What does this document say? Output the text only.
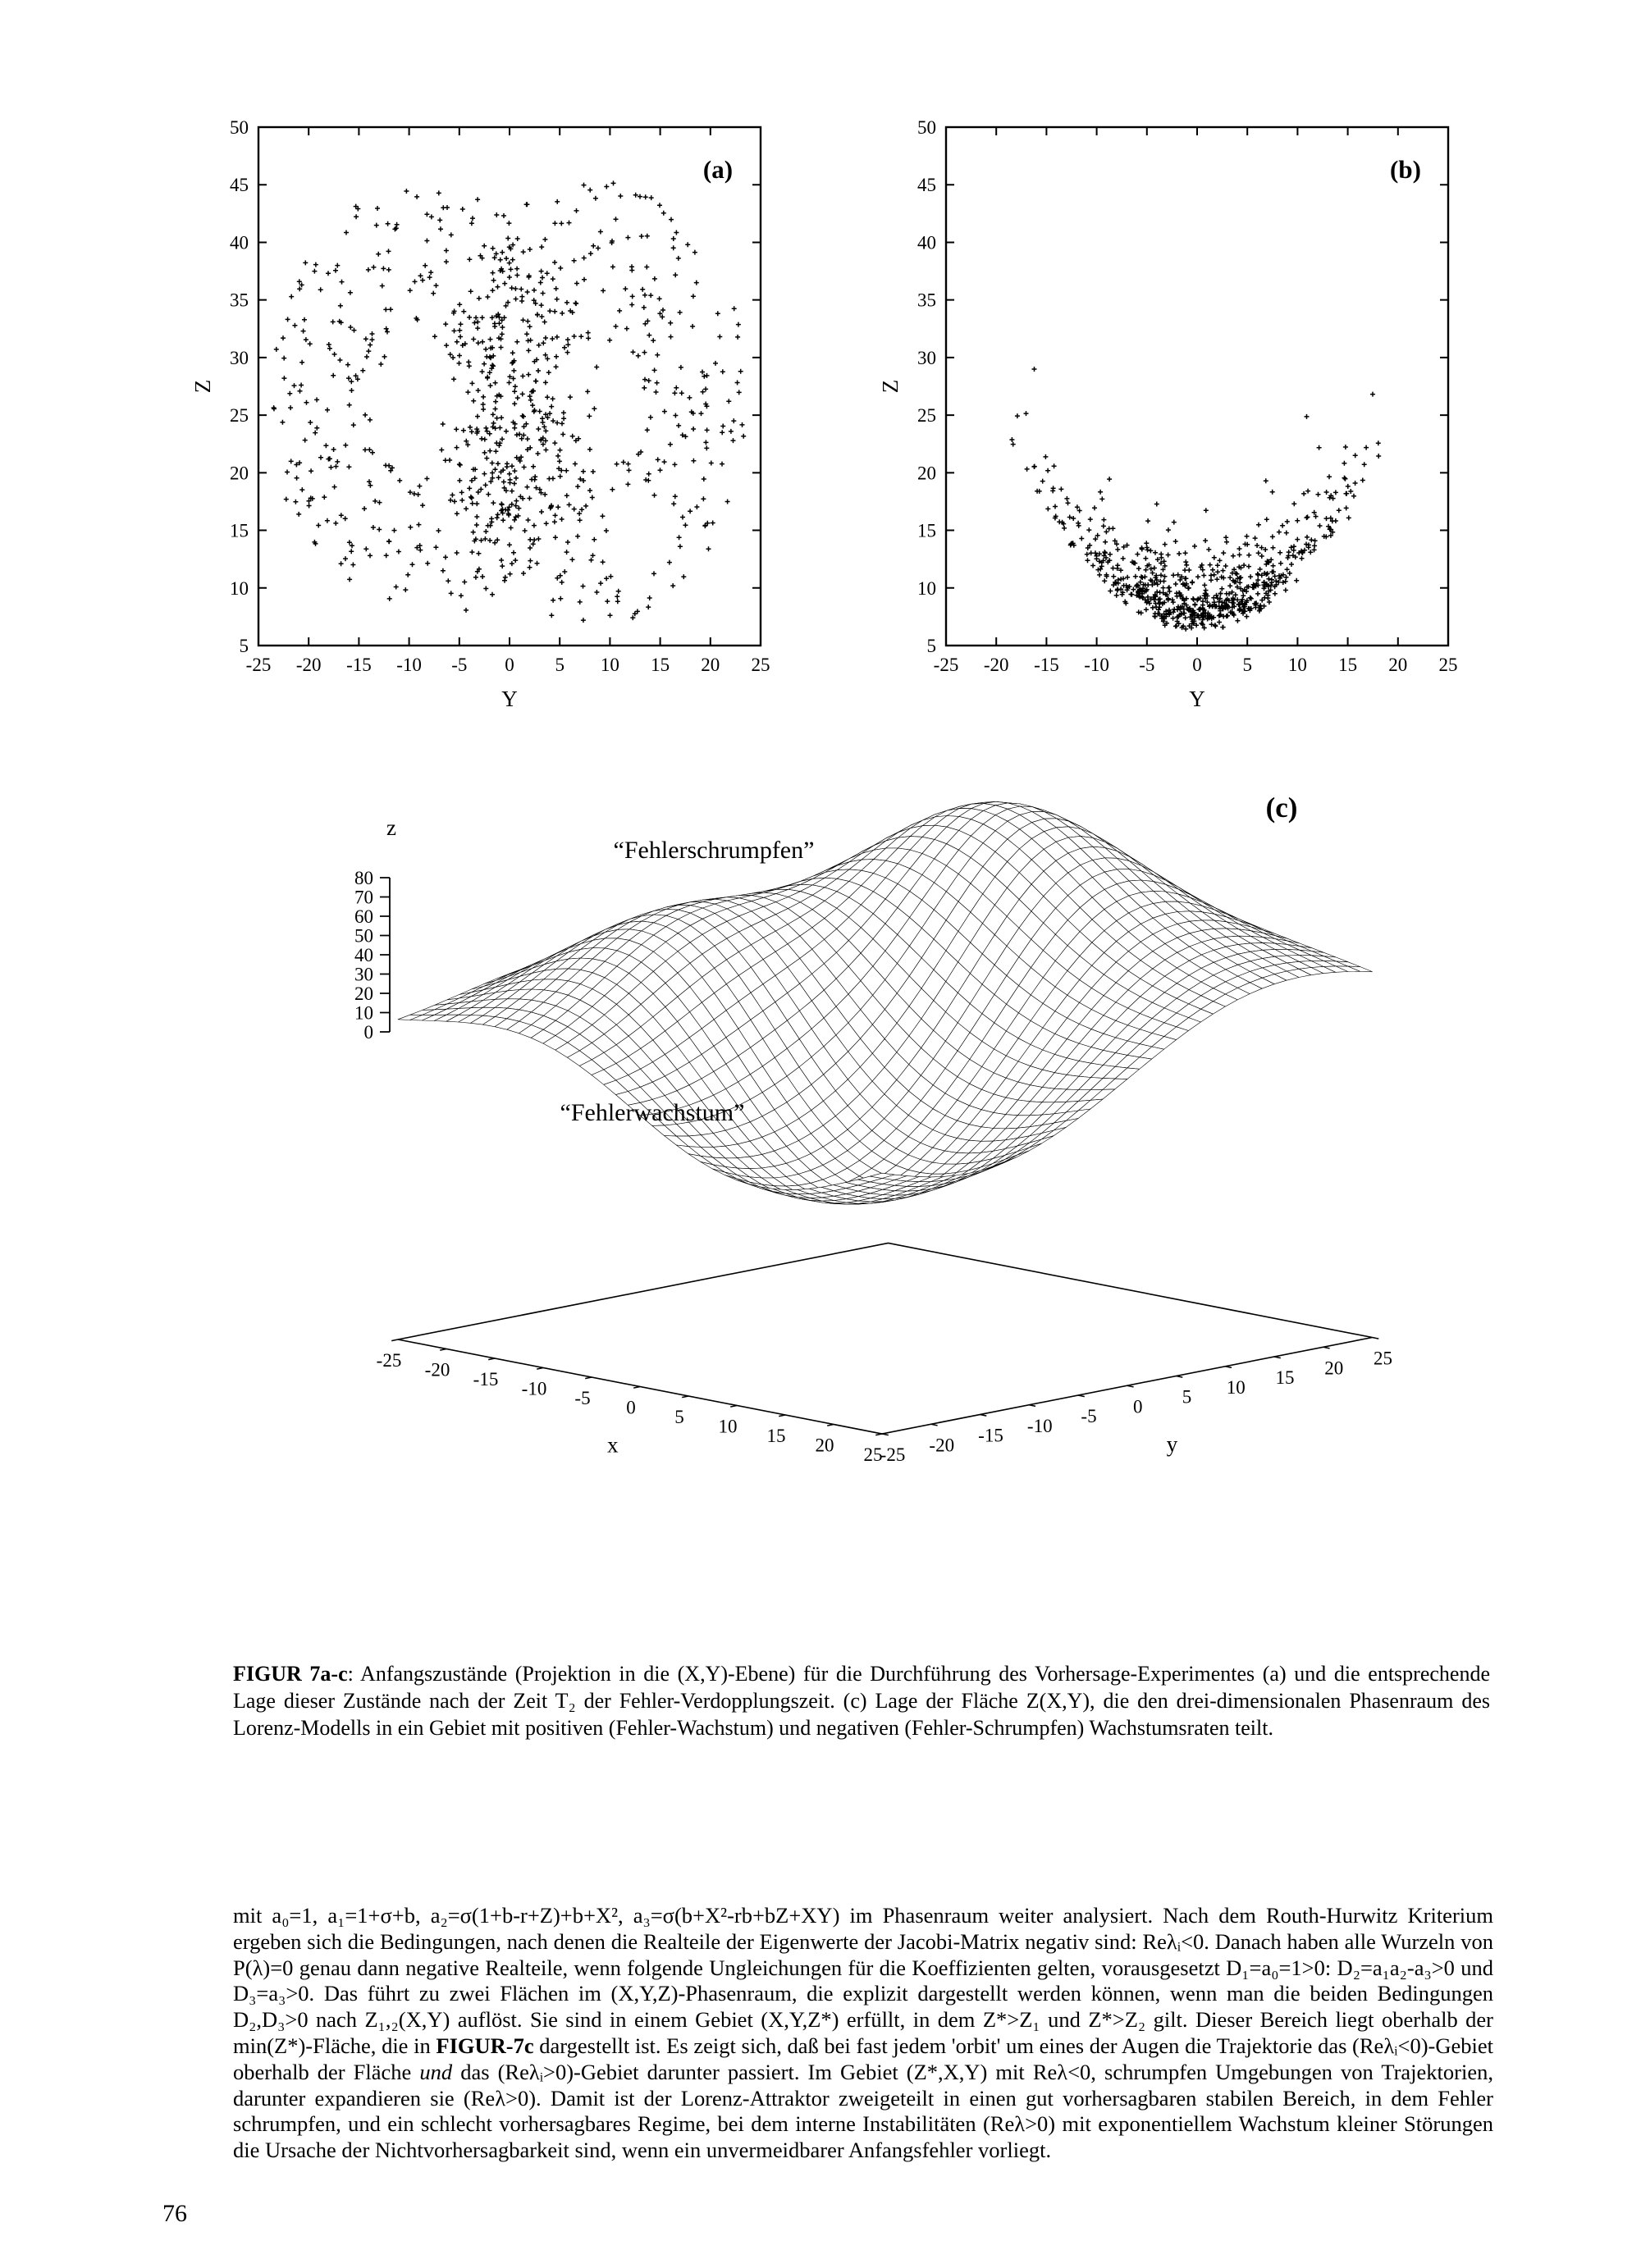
-25 -20 -15 -10 -5 0 5 10 15 20 25
5
10
15
20
25
30
35
40
45
50
Y
Z
(a)
-25 -20 -15 -10 -5 0 5 10 15 20 25
5
10
15
20
25
30
35
40
45
50
Y
Z
(b)
-25 -20 -15 -10 -5 0 5 10 15 20 25
-25 -20 -15 -10 -5 0 5 10 15 20 25
x	y
0
10
20
30
40
50
60
70
80
z
“Fehlerschrumpfen”
“Fehlerwachstum”
(c)

FIGUR 7a-c: Anfangszustände (Projektion in die (X,Y)-Ebene) für die Durchführung des Vorhersage-Experimentes (a) und die entsprechende Lage dieser Zustände nach der Zeit T₂ der Fehler-Verdopplungszeit. (c) Lage der Fläche Z(X,Y), die den drei-dimensionalen Phasenraum des Lorenz-Modells in ein Gebiet mit positiven (Fehler-Wachstum) und negativen (Fehler-Schrumpfen) Wachstumsraten teilt.

mit a₀=1, a₁=1+σ+b, a₂=σ(1+b-r+Z)+b+X², a₃=σ(b+X²-rb+bZ+XY) im Phasenraum weiter analysiert. Nach dem Routh-Hurwitz Kriterium ergeben sich die Bedingungen, nach denen die Realteile der Eigenwerte der Jacobi-Matrix negativ sind: Reλᵢ<0. Danach haben alle Wurzeln von P(λ)=0 genau dann negative Realteile, wenn folgende Ungleichungen für die Koeffizienten gelten, vorausgesetzt D₁=a₀=1>0: D₂=a₁a₂-a₃>0 und D₃=a₃>0. Das führt zu zwei Flächen im (X,Y,Z)-Phasenraum, die explizit dargestellt werden können, wenn man die beiden Bedingungen D₂,D₃>0 nach Z₁,₂(X,Y) auflöst. Sie sind in einem Gebiet (X,Y,Z*) erfüllt, in dem Z*>Z₁ und Z*>Z₂ gilt. Dieser Bereich liegt oberhalb der min(Z*)-Fläche, die in FIGUR-7c dargestellt ist. Es zeigt sich, daß bei fast jedem 'orbit' um eines der Augen die Trajektorie das (Reλᵢ<0)-Gebiet oberhalb der Fläche und das (Reλᵢ>0)-Gebiet darunter passiert. Im Gebiet (Z*,X,Y) mit Reλ<0, schrumpfen Umgebungen von Trajektorien, darunter expandieren sie (Reλ>0). Damit ist der Lorenz-Attraktor zweigeteilt in einen gut vorhersagbaren stabilen Bereich, in dem Fehler schrumpfen, und ein schlecht vorhersagbares Regime, bei dem interne Instabilitäten (Reλ>0) mit exponentiellem Wachstum kleiner Störungen die Ursache der Nichtvorhersagbarkeit sind, wenn ein unvermeidbarer Anfangsfehler vorliegt.

76
